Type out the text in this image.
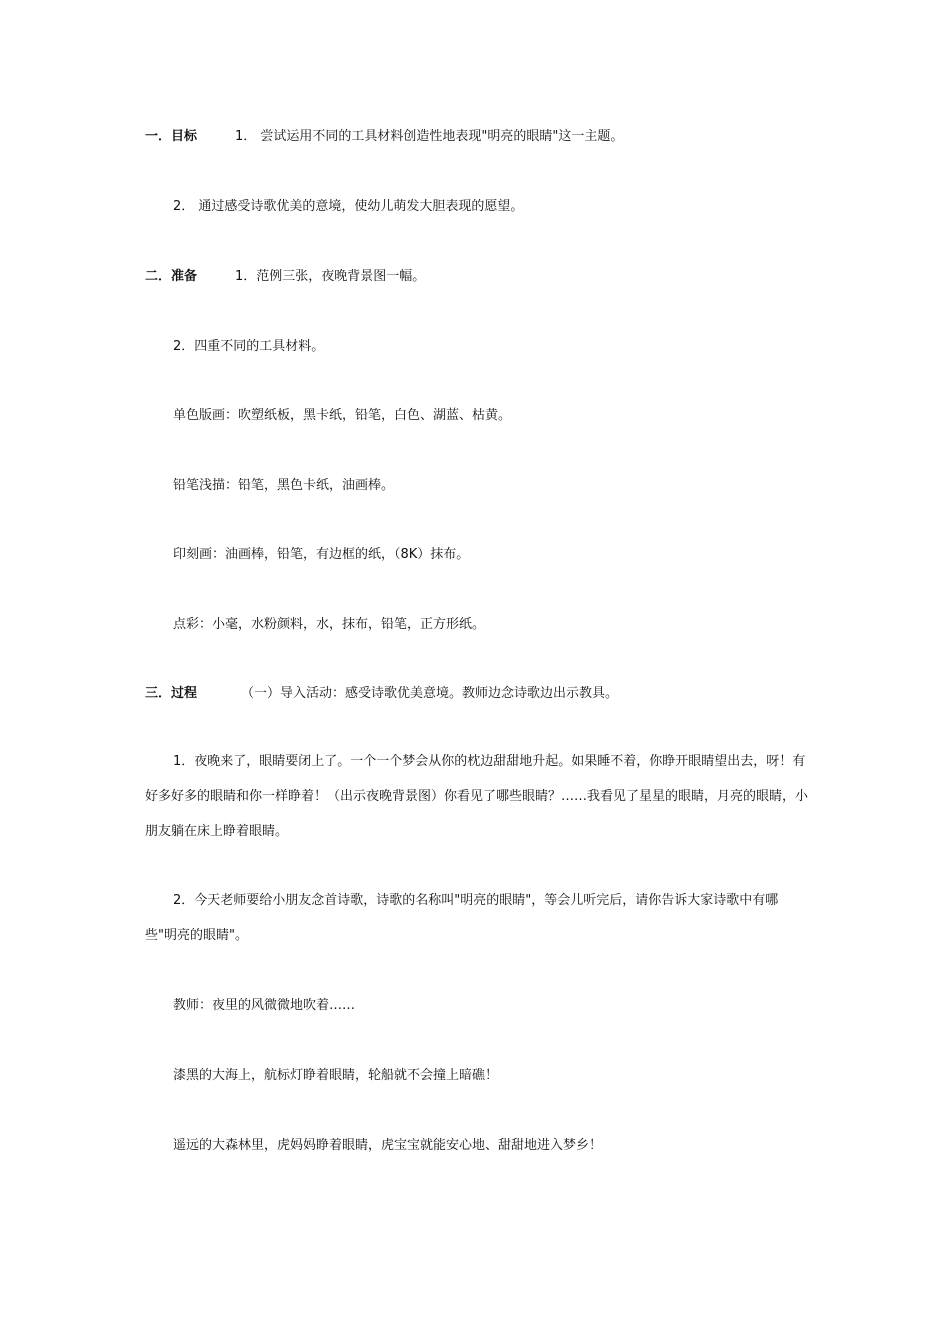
一．目标	1． 尝试运用不同的工具材料创造性地表现"明亮的眼睛"这一主题。
2． 通过感受诗歌优美的意境，使幼儿萌发大胆表现的愿望。
二．准备	1．范例三张，夜晚背景图一幅。
2．四重不同的工具材料。
单色版画：吹塑纸板，黑卡纸，铅笔，白色、湖蓝、枯黄。
铅笔浅描：铅笔，黑色卡纸，油画棒。
印刻画：油画棒，铅笔，有边框的纸，（8K）抹布。
点彩：小毫，水粉颜料，水，抹布，铅笔，正方形纸。
三．过程	（一）导入活动：感受诗歌优美意境。教师边念诗歌边出示教具。
1．夜晚来了，眼睛要闭上了。一个一个梦会从你的枕边甜甜地升起。如果睡不着，你睁开眼睛望出去，呀！有好多好多的眼睛和你一样睁着！（出示夜晚背景图）你看见了哪些眼睛？……我看见了星星的眼睛，月亮的眼睛，小朋友躺在床上睁着眼睛。
2．今天老师要给小朋友念首诗歌，诗歌的名称叫"明亮的眼睛"，等会儿听完后，请你告诉大家诗歌中有哪些"明亮的眼睛"。
教师：夜里的风微微地吹着……
漆黑的大海上，航标灯睁着眼睛，轮船就不会撞上暗礁！
遥远的大森林里，虎妈妈睁着眼睛，虎宝宝就能安心地、甜甜地进入梦乡！
